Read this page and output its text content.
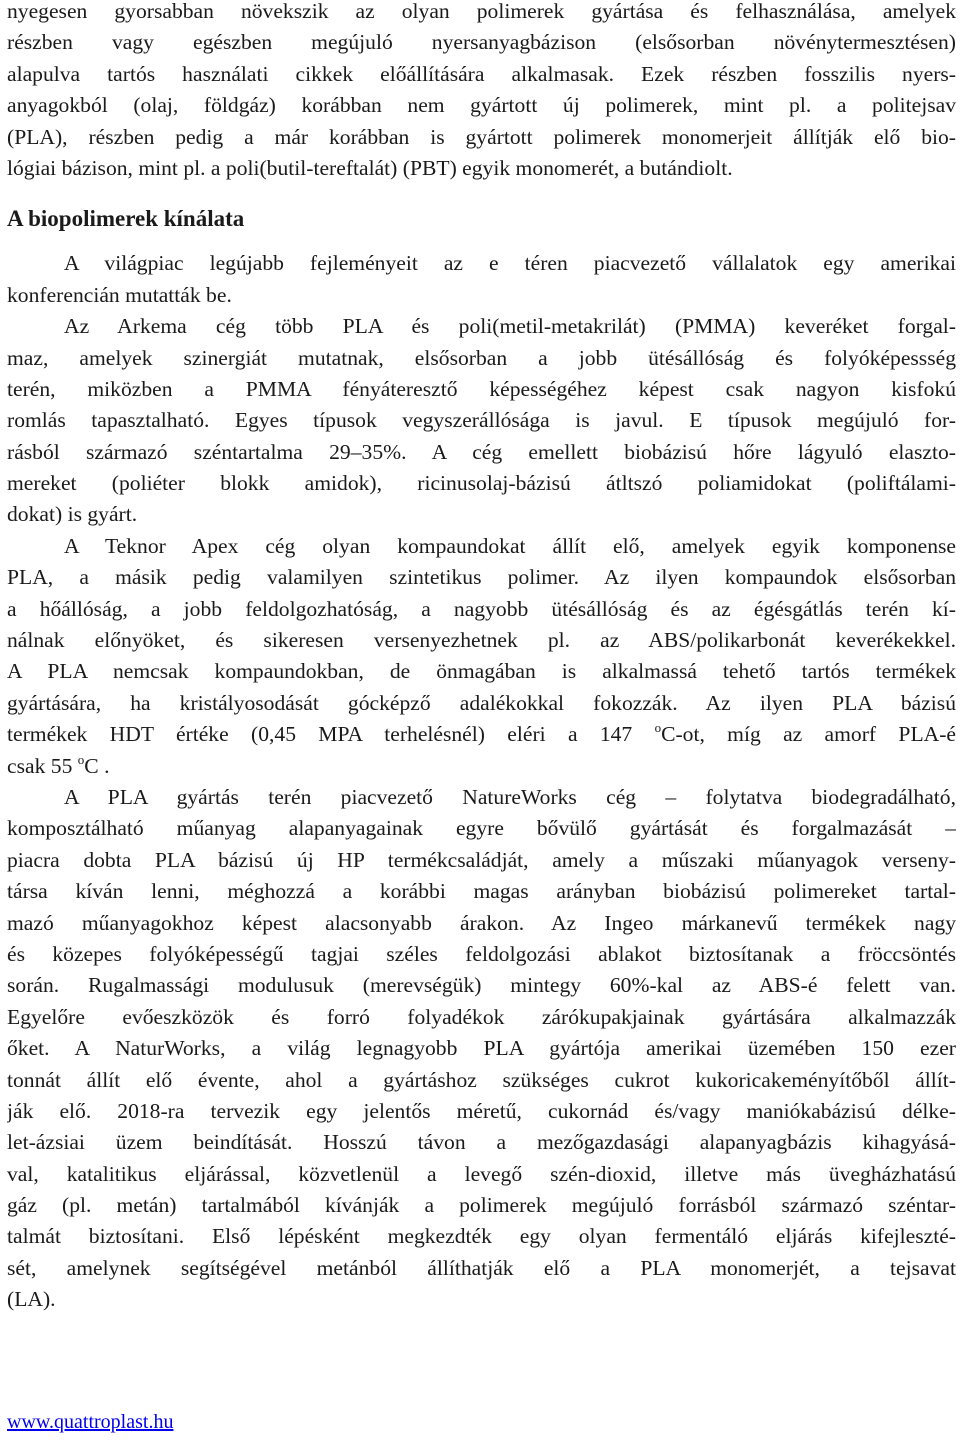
nyegesen gyorsabban növekszik az olyan polimerek gyártása és felhasználása, amelyek
részben vagy egészben megújuló nyersanyagbázison (elsősorban növénytermesztésen)
alapulva tartós használati cikkek előállítására alkalmasak. Ezek részben fosszilis nyers-
anyagokból (olaj, földgáz) korábban nem gyártott új polimerek, mint pl. a politejsav
(PLA), részben pedig a már korábban is gyártott polimerek monomerjeit állítják elő bio-
lógiai bázison, mint pl. a poli(butil-tereftalát) (PBT) egyik monomerét, a butándiolt.
A biopolimerek kínálata
A világpiac legújabb fejleményeit az e téren piacvezető vállalatok egy amerikai
konferencián mutatták be.
Az Arkema cég több PLA és poli(metil-metakrilát) (PMMA) keveréket forgal-
maz, amelyek szinergiát mutatnak, elsősorban a jobb ütésállóság és folyóképessség
terén, miközben a PMMA fényáteresztő képességéhez képest csak nagyon kisfokú
romlás tapasztalható. Egyes típusok vegyszerállósága is javul. E típusok megújuló for-
rásból származó széntartalma 29–35%. A cég emellett biobázisú hőre lágyuló elaszto-
mereket (poliéter blokk amidok), ricinusolaj-bázisú átltszó poliamidokat (poliftálami-
dokat) is gyárt.
A Teknor Apex cég olyan kompaundokat állít elő, amelyek egyik komponense
PLA, a másik pedig valamilyen szintetikus polimer. Az ilyen kompaundok elsősorban
a hőállóság, a jobb feldolgozhatóság, a nagyobb ütésállóság és az égésgátlás terén kí-
nálnak előnyöket, és sikeresen versenyezhetnek pl. az ABS/polikarbonát keverékekkel.
A PLA nemcsak kompaundokban, de önmagában is alkalmassá tehető tartós termékek
gyártására, ha kristályosodását gócképző adalékokkal fokozzák. Az ilyen PLA bázisú
termékek HDT értéke (0,45 MPA terhelésnél) eléri a 147 $^o$C-ot, míg az amorf PLA-é
csak 55 $^o$C .
A PLA gyártás terén piacvezető NatureWorks cég – folytatva biodegradálható,
komposztálható műanyag alapanyagainak egyre bővülő gyártását és forgalmazását –
piacra dobta PLA bázisú új HP termékcsaládját, amely a műszaki műanyagok verseny-
társa kíván lenni, méghozzá a korábbi magas arányban biobázisú polimereket tartal-
mazó műanyagokhoz képest alacsonyabb árakon. Az Ingeo márkanevű termékek nagy
és közepes folyóképességű tagjai széles feldolgozási ablakot biztosítanak a fröccsöntés
során. Rugalmassági modulusuk (merevségük) mintegy 60%-kal az ABS-é felett van.
Egyelőre evőeszközök és forró folyadékok zárókupakjainak gyártására alkalmazzák
őket. A NaturWorks, a világ legnagyobb PLA gyártója amerikai üzemében 150 ezer
tonnát állít elő évente, ahol a gyártáshoz szükséges cukrot kukoricakeményítőből állít-
ják elő. 2018-ra tervezik egy jelentős méretű, cukornád és/vagy maniókabázisú délke-
let-ázsiai üzem beindítását. Hosszú távon a mezőgazdasági alapanyagbázis kihagyásá-
val, katalitikus eljárással, közvetlenül a levegő szén-dioxid, illetve más üvegházhatású
gáz (pl. metán) tartalmából kívánják a polimerek megújuló forrásból származó széntar-
talmát biztosítani. Első lépésként megkezdték egy olyan fermentáló eljárás kifejleszté-
sét, amelynek segítségével metánból állíthatják elő a PLA monomerjét, a tejsavat
(LA).
www.quattroplast.hu
